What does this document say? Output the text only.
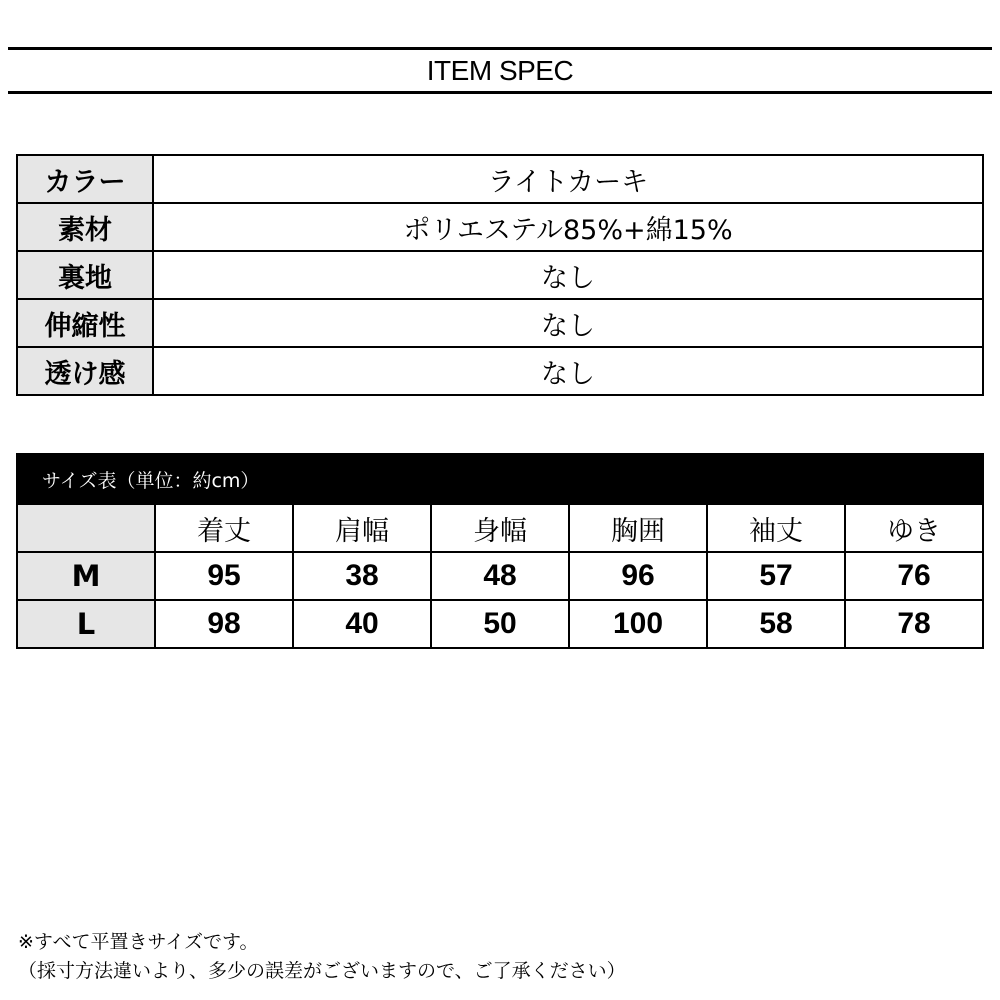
ITEM SPEC
カラー	ライトカーキ
素材	ポリエステル85%+綿15%
裏地	なし
伸縮性	なし
透け感	なし
サイズ表（単位：約cm）						
	着丈	肩幅	身幅	胸囲	袖丈	ゆき
M	95	38	48	96	57	76
L	98	40	50	100	58	78
※すべて平置きサイズです。
（採寸方法違いより、多少の誤差がございますので、ご了承ください）
